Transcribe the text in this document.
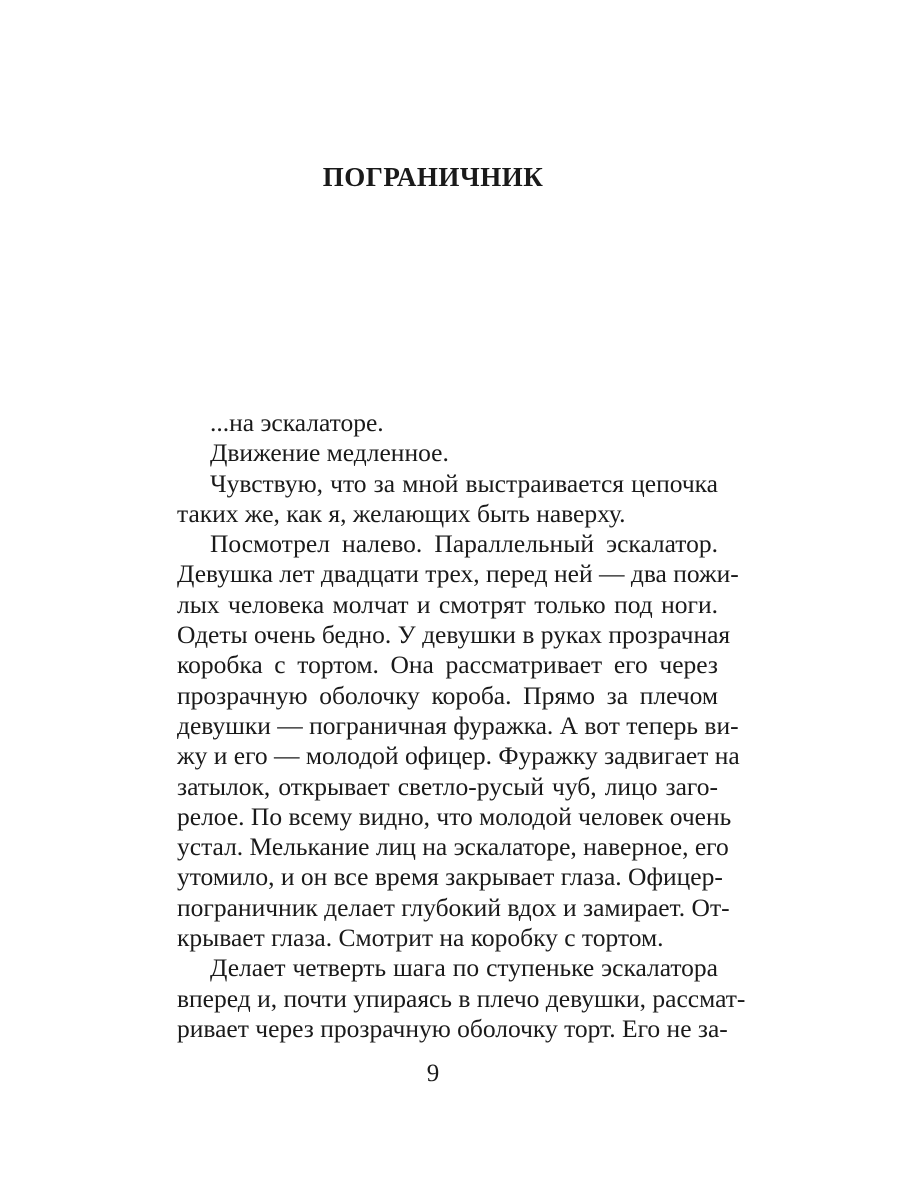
ПОГРАНИЧНИК
...на эскалаторе.
Движение медленное.
Чувствую, что за мной выстраивается цепочка
таких же, как я, желающих быть наверху.
Посмотрел налево. Параллельный эскалатор.
Девушка лет двадцати трех, перед ней — два пожи-
лых человека молчат и смотрят только под ноги.
Одеты очень бедно. У девушки в руках прозрачная
коробка с тортом. Она рассматривает его через
прозрачную оболочку короба. Прямо за плечом
девушки — пограничная фуражка. А вот теперь ви-
жу и его — молодой офицер. Фуражку задвигает на
затылок, открывает светло-русый чуб, лицо заго-
релое. По всему видно, что молодой человек очень
устал. Мелькание лиц на эскалаторе, наверное, его
утомило, и он все время закрывает глаза. Офицер-
пограничник делает глубокий вдох и замирает. От-
крывает глаза. Смотрит на коробку с тортом.
Делает четверть шага по ступеньке эскалатора
вперед и, почти упираясь в плечо девушки, рассмат-
ривает через прозрачную оболочку торт. Его не за-
9
